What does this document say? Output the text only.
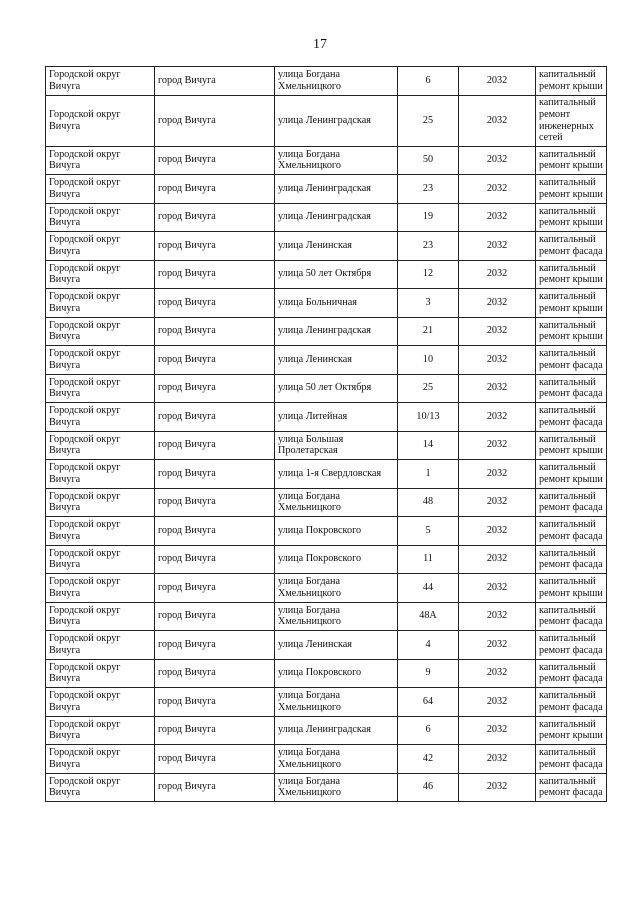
17
Городской округ Вичуга	город Вичуга	улица Богдана Хмельницкого	6	2032	капитальный ремонт крыши
Городской округ Вичуга	город Вичуга	улица Ленинградская	25	2032	капитальный ремонт инженерных сетей
Городской округ Вичуга	город Вичуга	улица Богдана Хмельницкого	50	2032	капитальный ремонт крыши
Городской округ Вичуга	город Вичуга	улица Ленинградская	23	2032	капитальный ремонт крыши
Городской округ Вичуга	город Вичуга	улица Ленинградская	19	2032	капитальный ремонт крыши
Городской округ Вичуга	город Вичуга	улица Ленинская	23	2032	капитальный ремонт фасада
Городской округ Вичуга	город Вичуга	улица 50 лет Октября	12	2032	капитальный ремонт крыши
Городской округ Вичуга	город Вичуга	улица Больничная	3	2032	капитальный ремонт крыши
Городской округ Вичуга	город Вичуга	улица Ленинградская	21	2032	капитальный ремонт крыши
Городской округ Вичуга	город Вичуга	улица Ленинская	10	2032	капитальный ремонт фасада
Городской округ Вичуга	город Вичуга	улица 50 лет Октября	25	2032	капитальный ремонт фасада
Городской округ Вичуга	город Вичуга	улица Литейная	10/13	2032	капитальный ремонт фасада
Городской округ Вичуга	город Вичуга	улица Большая Пролетарская	14	2032	капитальный ремонт крыши
Городской округ Вичуга	город Вичуга	улица 1-я Свердловская	1	2032	капитальный ремонт крыши
Городской округ Вичуга	город Вичуга	улица Богдана Хмельницкого	48	2032	капитальный ремонт фасада
Городской округ Вичуга	город Вичуга	улица Покровского	5	2032	капитальный ремонт фасада
Городской округ Вичуга	город Вичуга	улица Покровского	11	2032	капитальный ремонт фасада
Городской округ Вичуга	город Вичуга	улица Богдана Хмельницкого	44	2032	капитальный ремонт крыши
Городской округ Вичуга	город Вичуга	улица Богдана Хмельницкого	48А	2032	капитальный ремонт фасада
Городской округ Вичуга	город Вичуга	улица Ленинская	4	2032	капитальный ремонт фасада
Городской округ Вичуга	город Вичуга	улица Покровского	9	2032	капитальный ремонт фасада
Городской округ Вичуга	город Вичуга	улица Богдана Хмельницкого	64	2032	капитальный ремонт фасада
Городской округ Вичуга	город Вичуга	улица Ленинградская	6	2032	капитальный ремонт крыши
Городской округ Вичуга	город Вичуга	улица Богдана Хмельницкого	42	2032	капитальный ремонт фасада
Городской округ Вичуга	город Вичуга	улица Богдана Хмельницкого	46	2032	капитальный ремонт фасада
